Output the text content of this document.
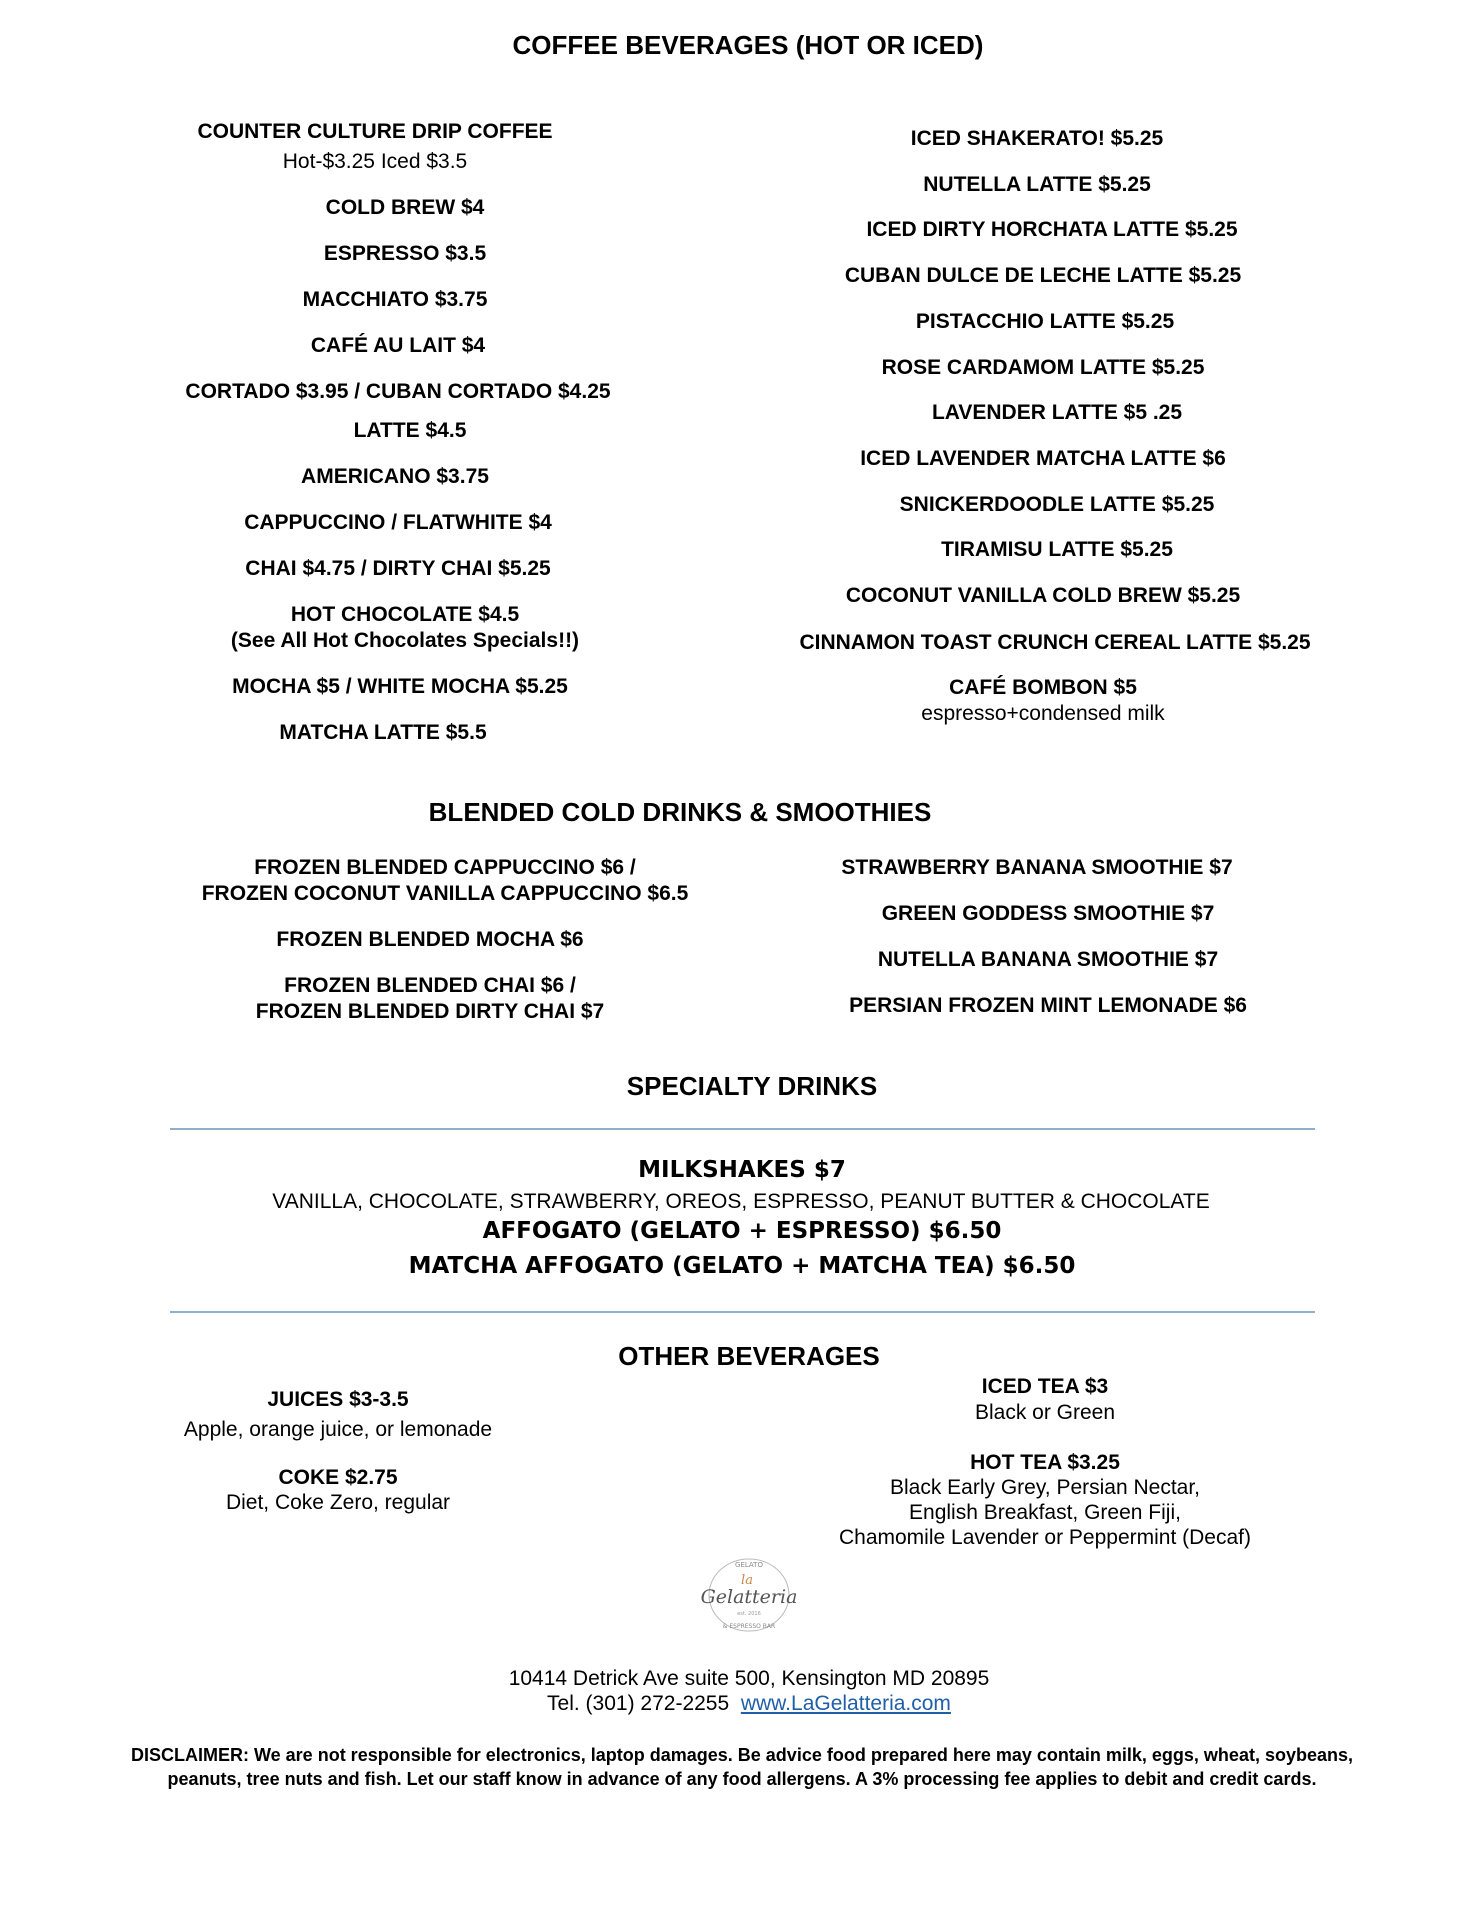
COFFEE BEVERAGES (HOT OR ICED)
COUNTER CULTURE DRIP COFFEE
Hot-$3.25 Iced $3.5
COLD BREW $4
ESPRESSO $3.5
MACCHIATO $3.75
CAFÉ AU LAIT $4
CORTADO $3.95 / CUBAN CORTADO $4.25
LATTE $4.5
AMERICANO $3.75
CAPPUCCINO / FLATWHITE $4
CHAI $4.75 / DIRTY CHAI $5.25
HOT CHOCOLATE $4.5
(See All Hot Chocolates Specials!!)
MOCHA $5 / WHITE MOCHA $5.25
MATCHA LATTE $5.5
ICED SHAKERATO! $5.25
NUTELLA LATTE $5.25
ICED DIRTY HORCHATA LATTE $5.25
CUBAN DULCE DE LECHE LATTE $5.25
PISTACCHIO LATTE $5.25
ROSE CARDAMOM LATTE $5.25
LAVENDER LATTE $5 .25
ICED LAVENDER MATCHA LATTE $6
SNICKERDOODLE LATTE $5.25
TIRAMISU LATTE $5.25
COCONUT VANILLA COLD BREW $5.25
CINNAMON TOAST CRUNCH CEREAL LATTE $5.25
CAFÉ BOMBON $5
espresso+condensed milk
BLENDED COLD DRINKS & SMOOTHIES
FROZEN BLENDED CAPPUCCINO $6 /
FROZEN COCONUT VANILLA CAPPUCCINO $6.5
FROZEN BLENDED MOCHA $6
FROZEN BLENDED CHAI $6 /
FROZEN BLENDED DIRTY CHAI $7
STRAWBERRY BANANA SMOOTHIE $7
GREEN GODDESS SMOOTHIE $7
NUTELLA BANANA SMOOTHIE $7
PERSIAN FROZEN MINT LEMONADE $6
SPECIALTY DRINKS
MILKSHAKES $7
VANILLA, CHOCOLATE, STRAWBERRY, OREOS, ESPRESSO, PEANUT BUTTER & CHOCOLATE
AFFOGATO (GELATO + ESPRESSO) $6.50
MATCHA AFFOGATO (GELATO + MATCHA TEA) $6.50
OTHER BEVERAGES
JUICES $3-3.5
Apple, orange juice, or lemonade
COKE $2.75
Diet, Coke Zero, regular
ICED TEA $3
Black or Green
HOT TEA $3.25
Black Early Grey, Persian Nectar,
English Breakfast, Green Fiji,
Chamomile Lavender or Peppermint (Decaf)
GELATO
la
Gelatteria
est. 2016
& ESPRESSO BAR
10414 Detrick Ave suite 500, Kensington MD 20895
Tel. (301) 272-2255 www.LaGelatteria.com
DISCLAIMER: We are not responsible for electronics, laptop damages. Be advice food prepared here may contain milk, eggs, wheat, soybeans,
peanuts, tree nuts and fish. Let our staff know in advance of any food allergens. A 3% processing fee applies to debit and credit cards.
